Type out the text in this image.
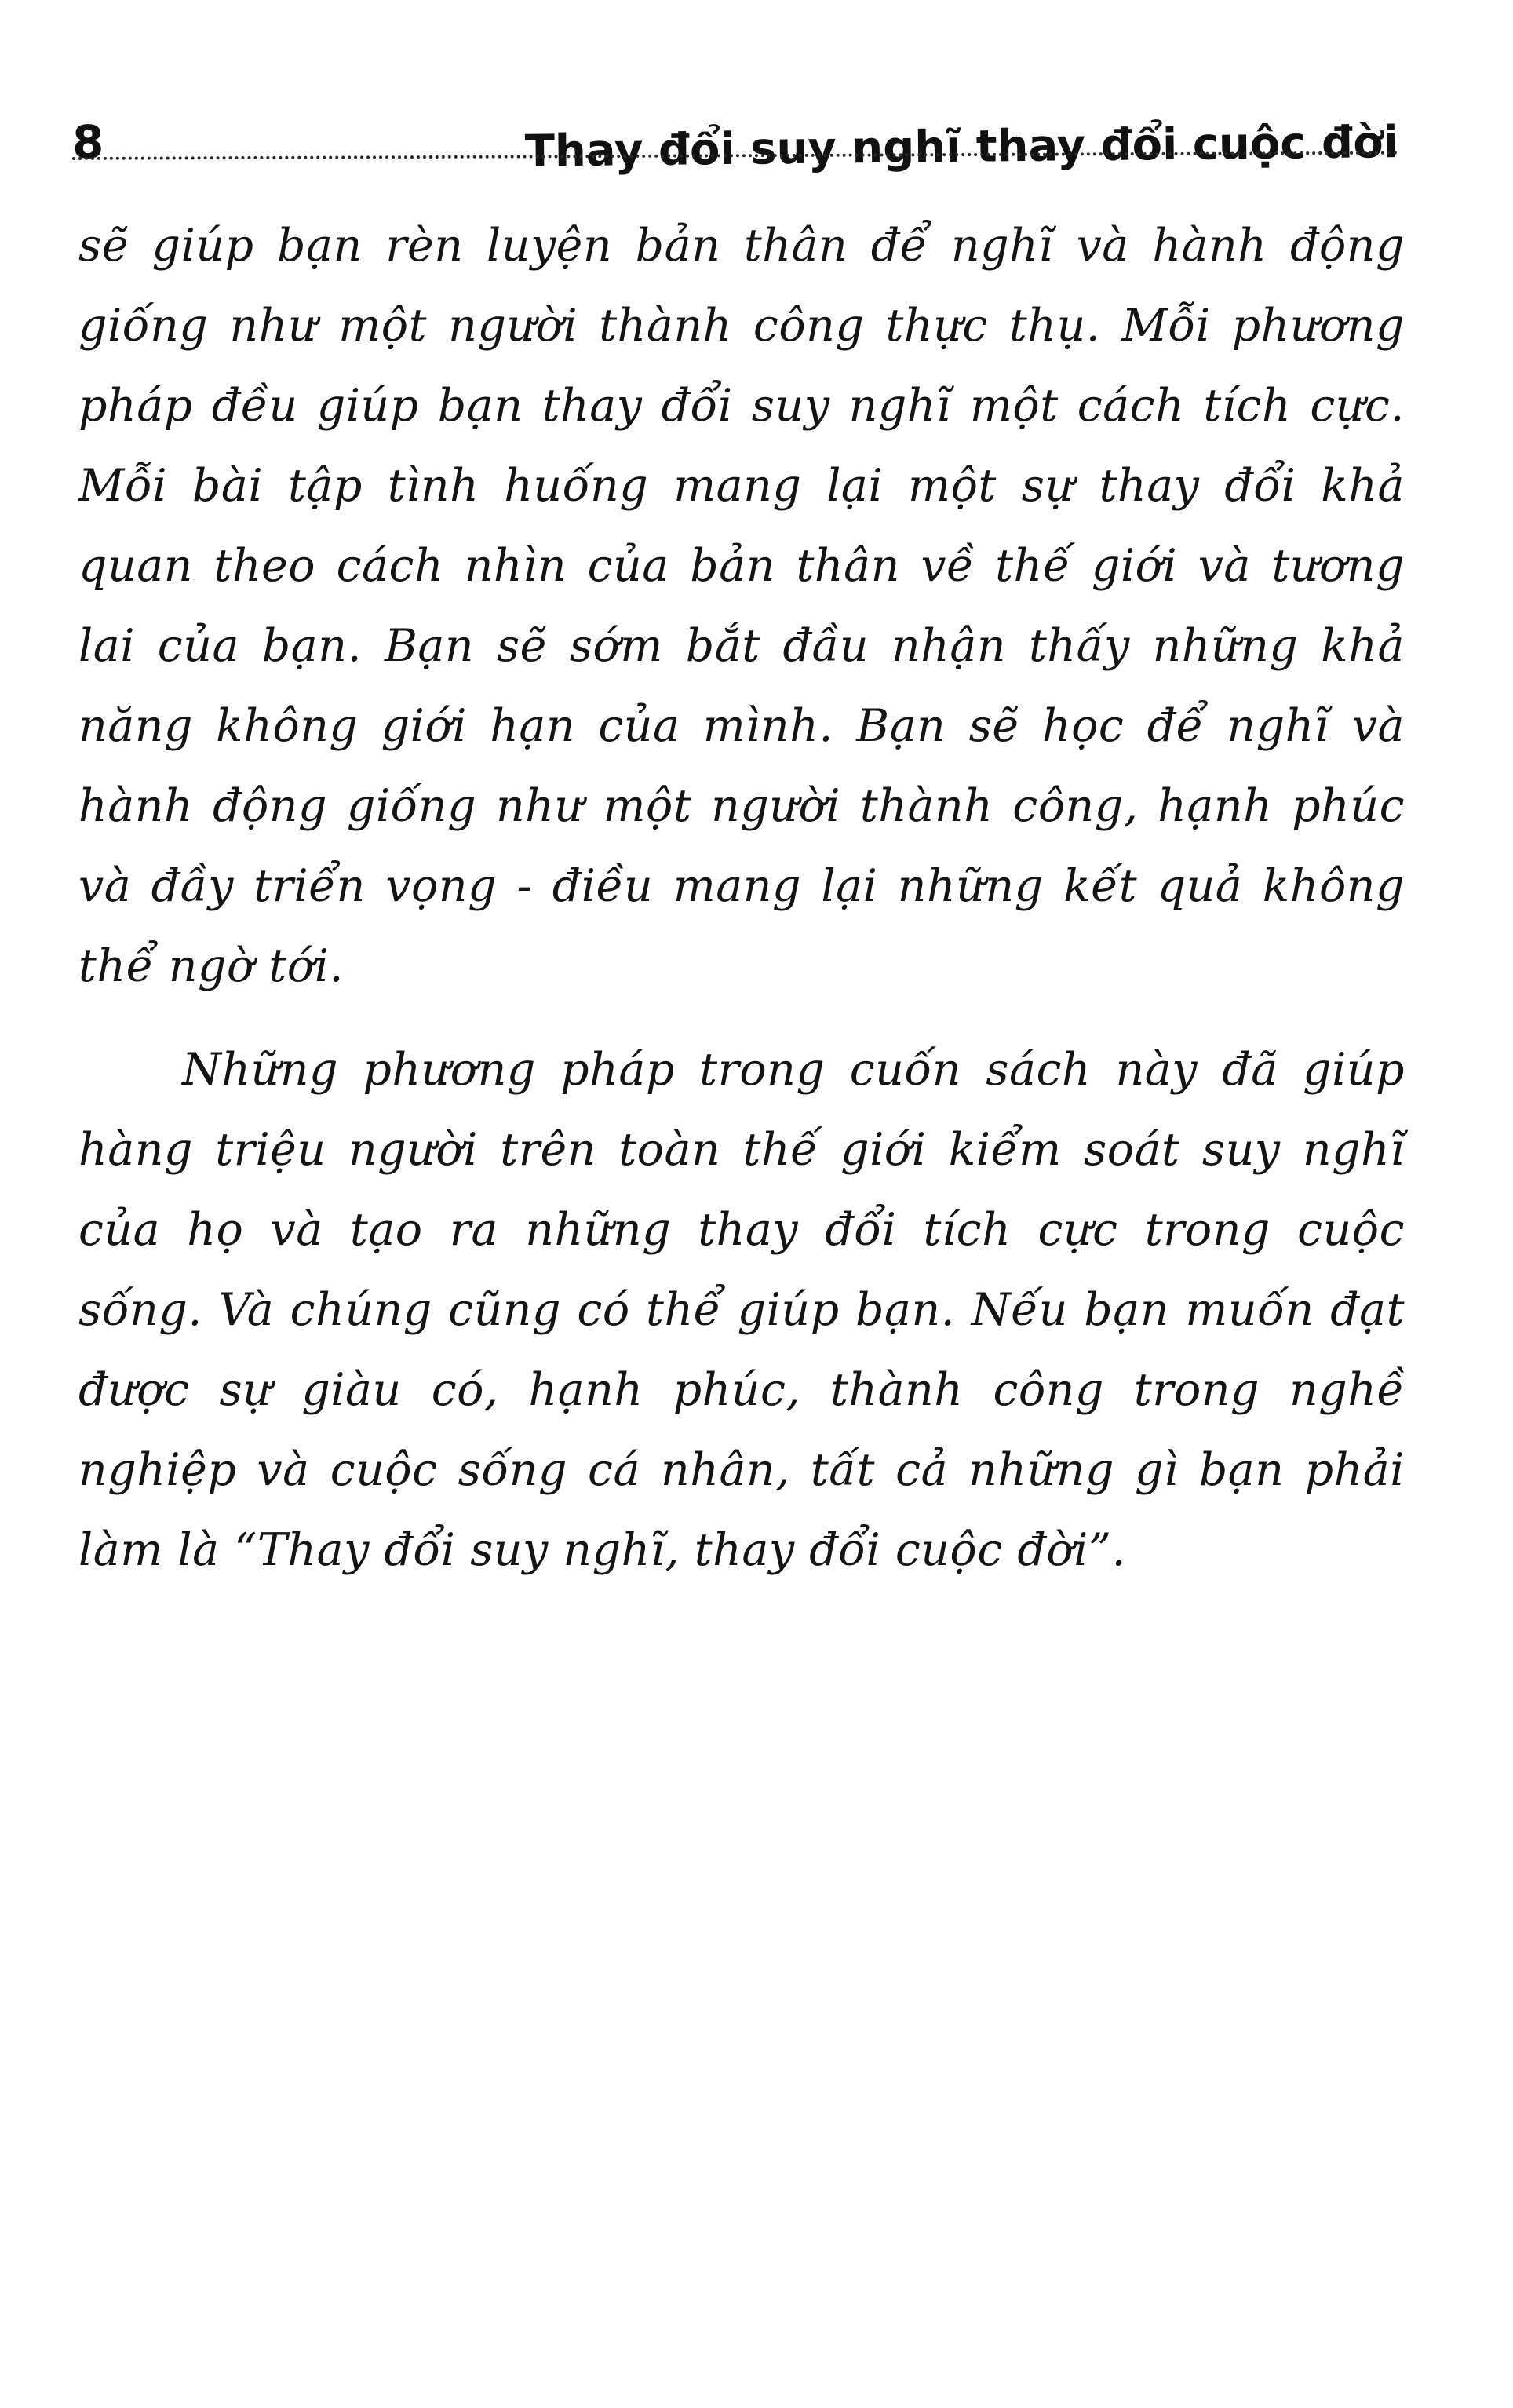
8	Thay đổi suy nghĩ thay đổi cuộc đời

sẽ giúp bạn rèn luyện bản thân để nghĩ và hành động giống như một người thành công thực thụ. Mỗi phương pháp đều giúp bạn thay đổi suy nghĩ một cách tích cực. Mỗi bài tập tình huống mang lại một sự thay đổi khả quan theo cách nhìn của bản thân về thế giới và tương lai của bạn. Bạn sẽ sớm bắt đầu nhận thấy những khả năng không giới hạn của mình. Bạn sẽ học để nghĩ và hành động giống như một người thành công, hạnh phúc và đầy triển vọng - điều mang lại những kết quả không thể ngờ tới.

Những phương pháp trong cuốn sách này đã giúp hàng triệu người trên toàn thế giới kiểm soát suy nghĩ của họ và tạo ra những thay đổi tích cực trong cuộc sống. Và chúng cũng có thể giúp bạn. Nếu bạn muốn đạt được sự giàu có, hạnh phúc, thành công trong nghề nghiệp và cuộc sống cá nhân, tất cả những gì bạn phải làm là “Thay đổi suy nghĩ, thay đổi cuộc đời”.
